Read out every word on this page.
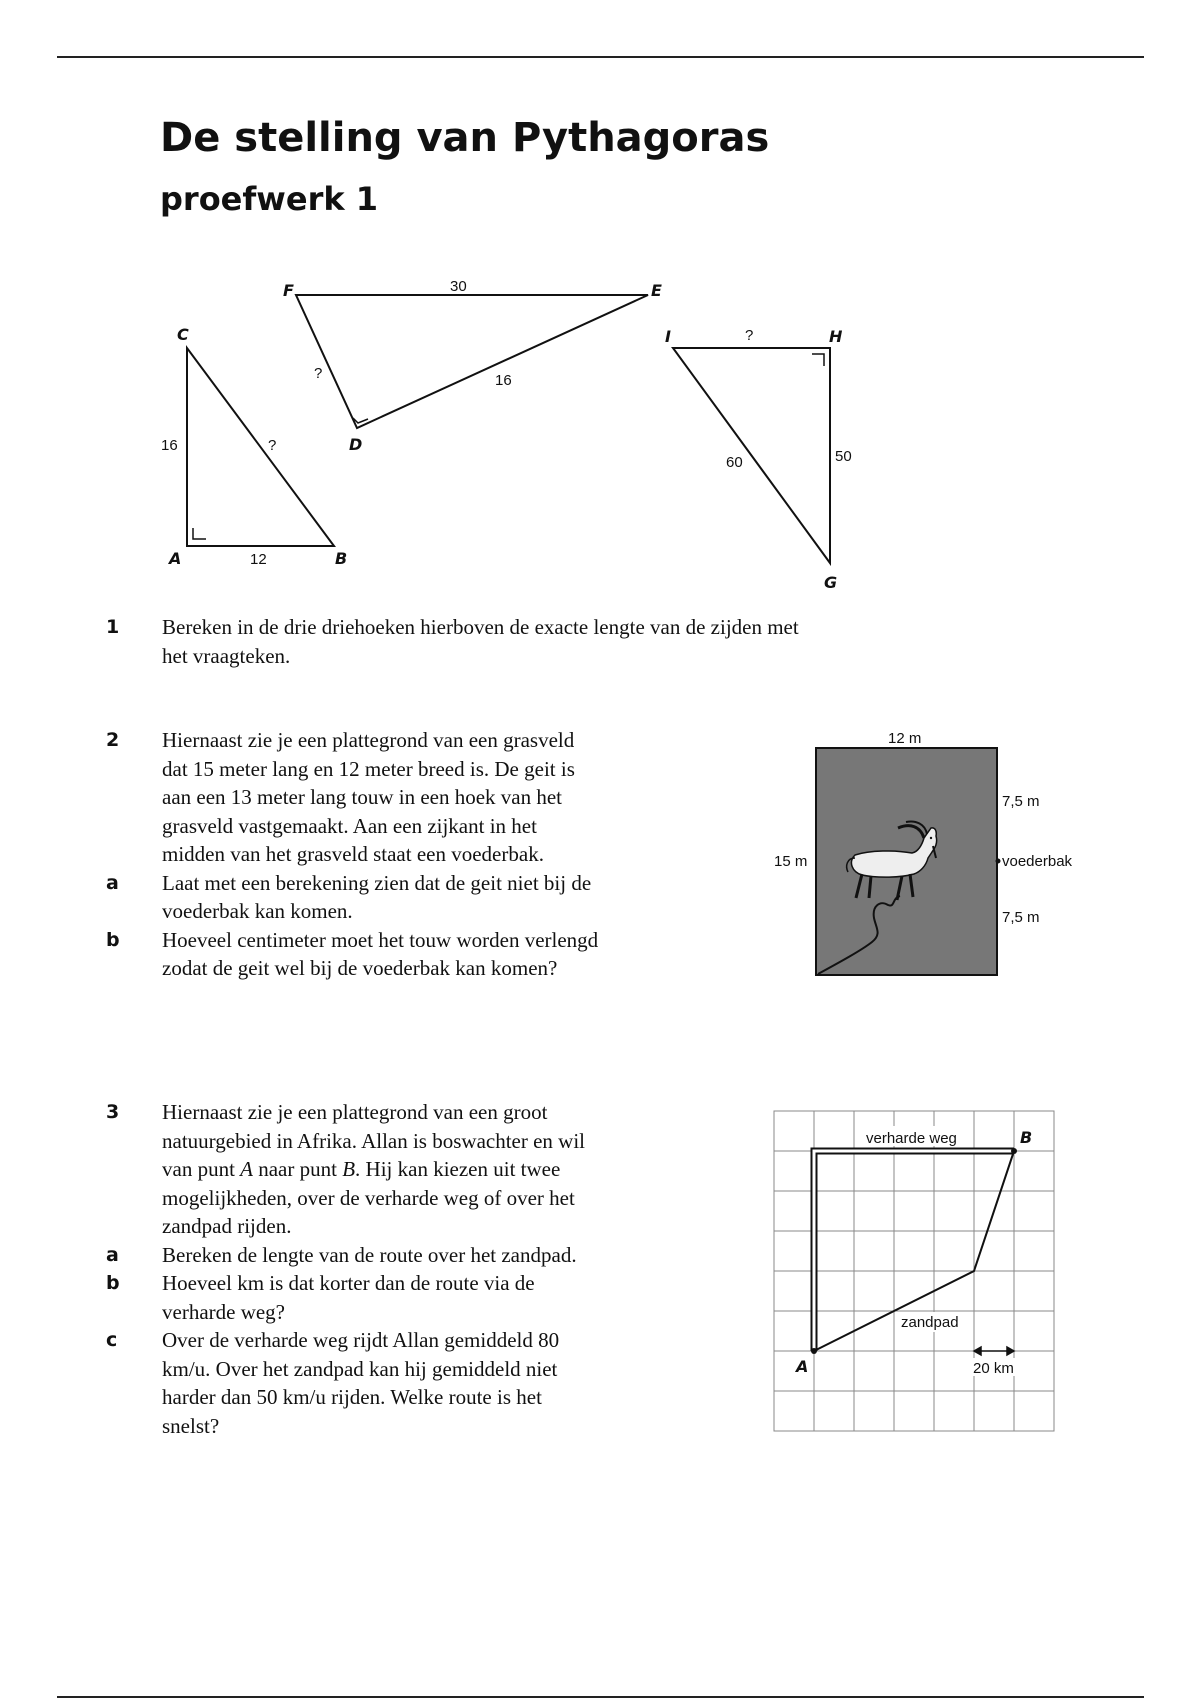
De stelling van Pythagoras
proefwerk 1
C
A	B
16
12
?
F	E
D
30
16
?
I	H
G
?
50
60
1	Bereken in de drie driehoeken hierboven de exacte lengte van de zijden met het vraagteken.
2	Hiernaast zie je een plattegrond van een grasveld dat 15 meter lang en 12 meter breed is. De geit is aan een 13 meter lang touw in een hoek van het grasveld vastgemaakt. Aan een zijkant in het midden van het grasveld staat een voederbak.
a	Laat met een berekening zien dat de geit niet bij de voederbak kan komen.
b	Hoeveel centimeter moet het touw worden verlengd zodat de geit wel bij de voederbak kan komen?
12 m
15 m
7,5 m
7,5 m
voederbak
3	Hiernaast zie je een plattegrond van een groot natuurgebied in Afrika. Allan is boswachter en wil van punt A naar punt B. Hij kan kiezen uit twee mogelijkheden, over de verharde weg of over het zandpad rijden.
a	Bereken de lengte van de route over het zandpad.
b	Hoeveel km is dat korter dan de route via de verharde weg?
c	Over de verharde weg rijdt Allan gemiddeld 80 km/u. Over het zandpad kan hij gemiddeld niet harder dan 50 km/u rijden. Welke route is het snelst?
verharde weg
zandpad
B
A	20 km
